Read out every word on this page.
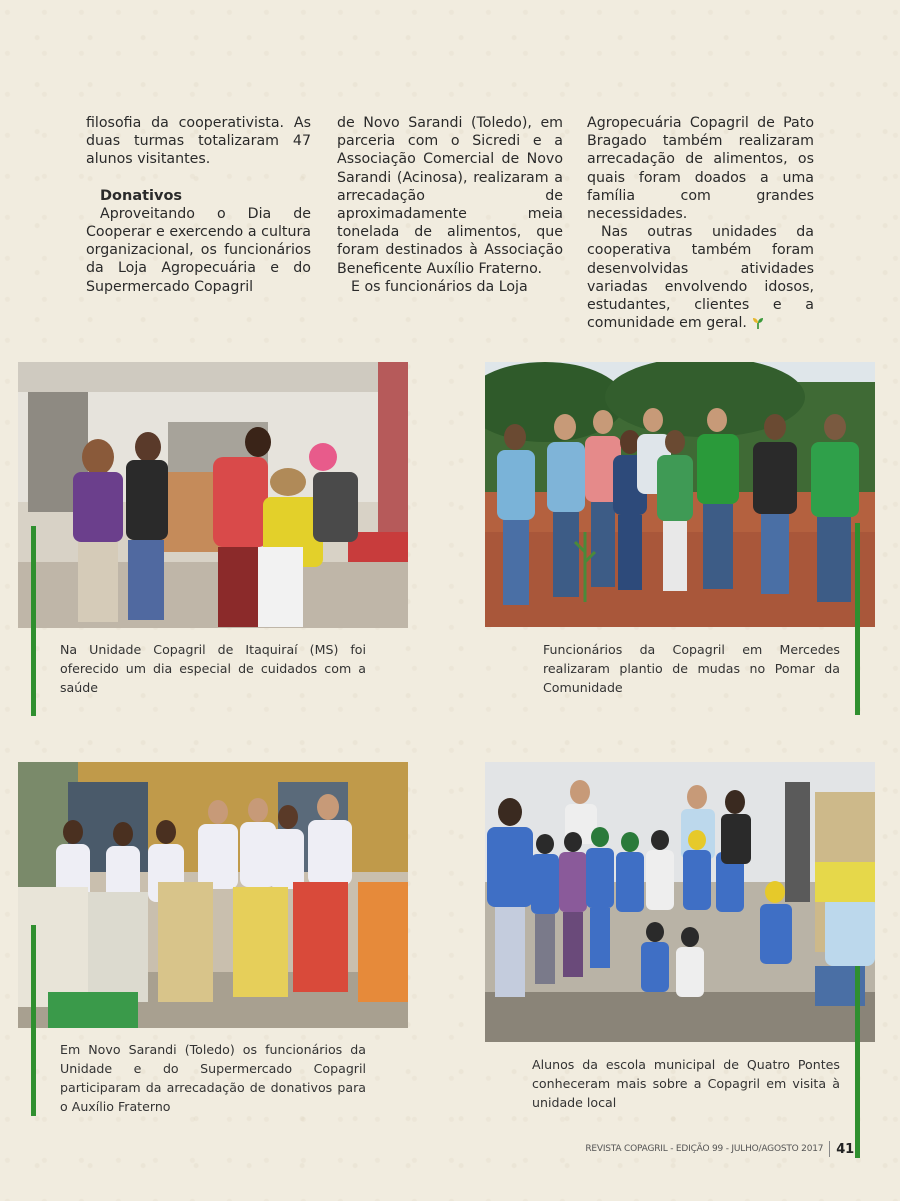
filosofia da cooperativista. As duas turmas totalizaram 47 alunos visitantes.

Donativos

Aproveitando o Dia de Cooperar e exercendo a cultura organizacional, os funcionários da Loja Agropecuária e do Supermercado Copagril

de Novo Sarandi (Toledo), em parceria com o Sicredi e a Associação Comercial de Novo Sarandi (Acinosa), realizaram a arrecadação de aproximadamente meia tonelada de alimentos, que foram destinados à Associação Beneficente Auxílio Fraterno.

E os funcionários da Loja

Agropecuária Copagril de Pato Bragado também realizaram arrecadação de alimentos, os quais foram doados a uma família com grandes necessidades.

Nas outras unidades da cooperativa também foram desenvolvidas atividades variadas envolvendo idosos, estudantes, clientes e a comunidade em geral.

Na Unidade Copagril de Itaquiraí (MS) foi oferecido um dia especial de cuidados com a saúde
Funcionários da Copagril em Mercedes realizaram plantio de mudas no Pomar da Comunidade
Em Novo Sarandi (Toledo) os funcionários da Unidade e do Supermercado Copagril participaram da arrecadação de donativos para o Auxílio Fraterno
Alunos da escola municipal de Quatro Pontes conheceram mais sobre a Copagril em visita à unidade local
REVISTA COPAGRIL - EDIÇÃO 99 - JULHO/AGOSTO 2017 41
